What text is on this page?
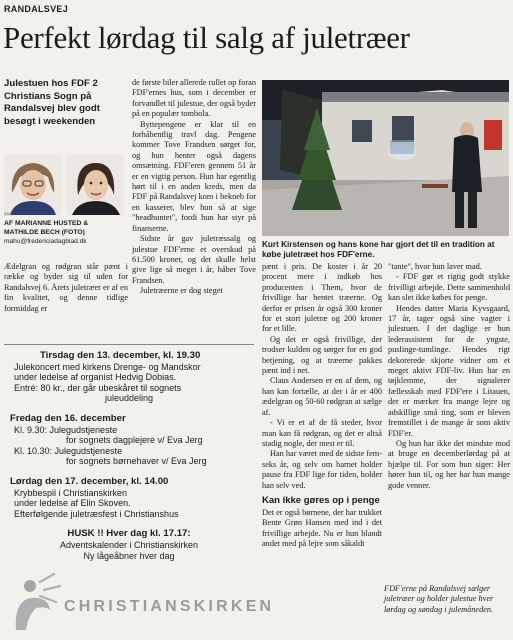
RANDALSVEJ
Perfekt lørdag til salg af juletræer
Julestuen hos FDF 2 Christians Sogn på Randalsvej blev godt besøgt i weekenden
AF MARIANNE HUSTED &
MATHILDE BECH (FOTO)
mahu@fredericiadagblad.dk
###

Ædelgran og rødgran står pænt i række og byder sig til uden for Randalsvej 6. Årets juletræer er af en fin kvalitet, og denne tidlige formiddag er

de første biler allerede rullet op foran FDF'ernes hus, som i december er forvandlet til julestue, der også byder på en populær tombola.

Byttepengene er klar til en forhåbentlig travl dag. Pengene kommer Tove Frandsen sørget for, og hun henter også dagens omsætning. FDF'eren gennem 51 år er en vigtig person. Hun har egentlig hørt til i en anden kreds, men da FDF på Randalsvej kom i bekneb for en kasserer, blev hun så at sige "headhuntet", fordi hun har styr på finanserne.

Sidste år gav juletræssalg og julestue FDF'erne et overskud på 61.500 kroner, og det skulle helst give lige så meget i år, håber Tove Frandsen.

Juletræerne er dog steget

Kurt Kirstensen og hans kone har gjort det til en tradition at købe juletræet hos FDF'erne.

pænt i pris. De koster i år 20 procent mere i indkøb hos producenten i Them, hvor de frivillige har hentet træerne. Og derfor er prisen år også 300 kroner for et stort juletræ og 200 kroner for et lille.

Og det er også frivillige, der trodser kulden og sørger for en god betjening, og at træerne pakkes pænt ind i net.

Claus Andersen er en af dem, og han kan fortælle, at der i år er 400 ædelgran og 50-60 rødgran at sælge af.

- Vi er et af de få steder, hvor man kan få rødgran, og det er altså stadig nogle, der mest er til.

Han har været med de sidste fem-seks år, og selv om barnet holder pause fra FDF lige for tiden, holder han selv ved.

Kan ikke gøres op i penge

Det er også børnene, der har trukket Bente Grøn Hansen med ind i det frivillige arbejde. Nu er hun blandt andet med på lejre som såkaldt

"tante", hvor hun laver mad.

- FDF gør et rigtig godt stykke frivilligt arbejde. Dette sammenhold kan slet ikke købes for penge.

Hendes datter Maria Kyvsgaard, 17 år, tager også sine vagter i julestuen. I det daglige er hun lederassistent for de yngste, puslinge-tumlinge. Hendes rigt dekorerede skjorte vidner om et meget aktivt FDF-liv. Hun har en tøjklemme, der signalerer fællesskab med FDF'ere i Litauen, der er mærker fra mange lejre og adskillige små ting, som er bleven fremstillet i de mange år som aktiv FDF'er.

Og hun har ikke det mindste mod at bruge en decemberlørdag på at hjælpe til. For som hun siger: Her hører hun til, og her har hun mange gode venner.

FDF'erne på Randalsvej sælger juletræer og holder julestue hver lørdag og søndag i julemåneden.
Tirsdag den 13. december, kl. 19.30
Julekoncert med kirkens Drenge- og Mandskor
under ledelse af organist Hedvig Dobias.
Entré: 80 kr., der går ubeskåret til sognets
juleuddeling
Fredag den 16. december
Kl. 9.30: Julegudstjeneste
for sognets dagplejere v/ Eva Jerg
Kl. 10.30: Julegudstjeneste
for sognets børnehaver v/ Eva Jerg
Lørdag den 17. december, kl. 14.00
Krybbespil i Christianskirken
under ledelse af Elin Skoven.
Efterfølgende juletræsfest i Christianshus
HUSK !! Hver dag kl. 17.17:
Adventskalender i Christianskirken
Ny lågeåbner hver dag
CHRISTIANSKIRKEN
